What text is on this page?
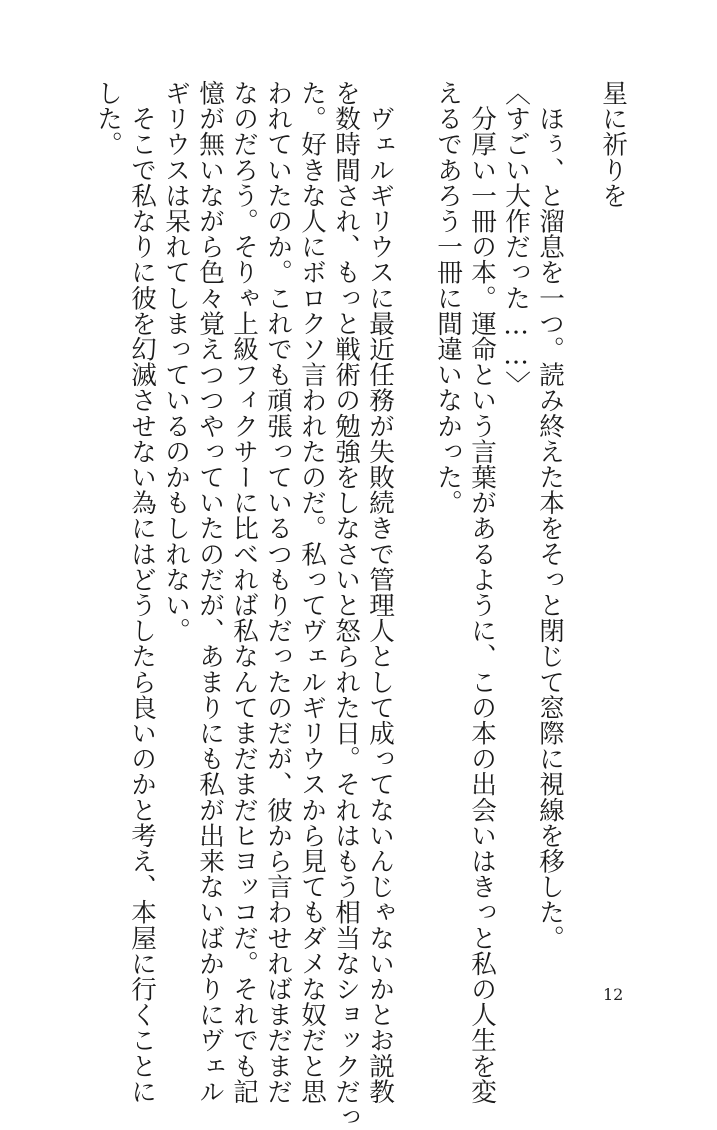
星に祈りを
　ほぅ、と溜息を一つ。読み終えた本をそっと閉じて窓際に視線を移した。
〈すごい大作だった……〉
　分厚い一冊の本。運命という言葉があるように、この本の出会いはきっと私の人生を変
えるであろう一冊に間違いなかった。
　ヴェルギリウスに最近任務が失敗続きで管理人として成ってないんじゃないかとお説教
を数時間され、もっと戦術の勉強をしなさいと怒られた日。それはもう相当なショックだっ
た。好きな人にボロクソ言われたのだ。私ってヴェルギリウスから見てもダメな奴だと思
われていたのか。これでも頑張っているつもりだったのだが、彼から言わせればまだまだ
なのだろう。そりゃ上級フィクサーに比べれば私なんてまだまだヒヨッコだ。それでも記
憶が無いながら色々覚えつつやっていたのだが、あまりにも私が出来ないばかりにヴェル
ギリウスは呆れてしまっているのかもしれない。
　そこで私なりに彼を幻滅させない為にはどうしたら良いのかと考え、本屋に行くことに
した。
12
